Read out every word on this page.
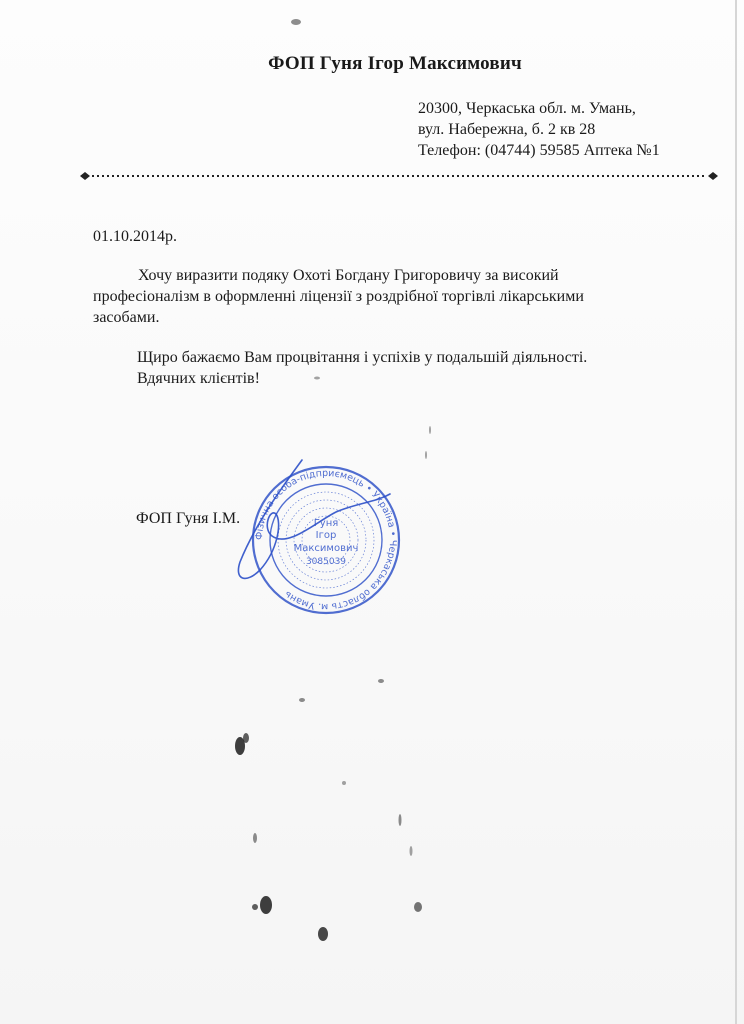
ФОП Гуня Ігор Максимович
20300, Черкаська обл. м. Умань,
вул. Набережна, б. 2 кв 28
Телефон: (04744) 59585 Аптека №1
01.10.2014р.
Хочу виразити подяку Охоті Богдану Григоровичу за високий
професіоналізм в оформленні ліцензії з роздрібної торгівлі лікарськими
засобами.
Щиро бажаємо Вам процвітання і успіхів у подальшій діяльності.
Вдячних клієнтів!
ФОП Гуня І.М.
Фізична особа-підприємець • Україна • Черкаська область м. Умань
Гуня
Ігор
Максимович
3085039
